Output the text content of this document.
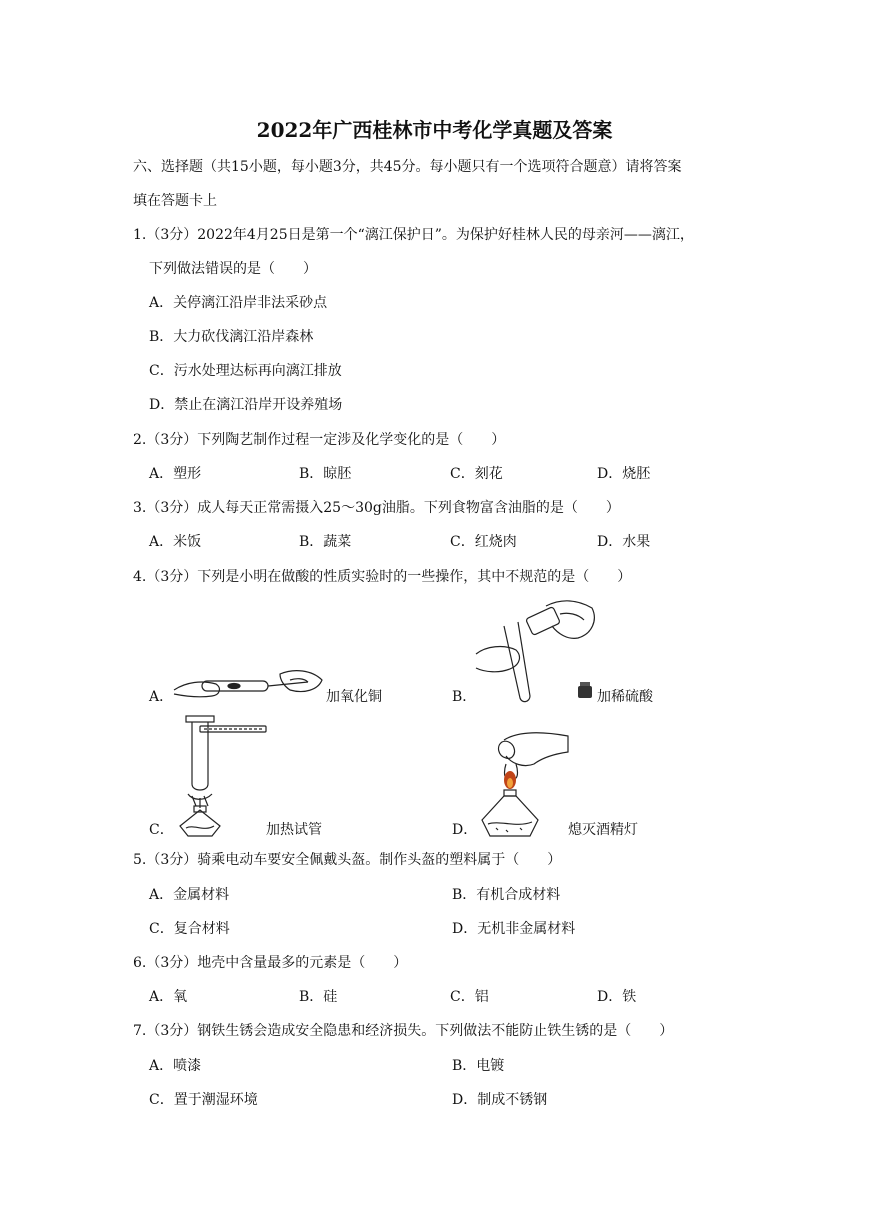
2022年广西桂林市中考化学真题及答案
六、选择题（共15小题，每小题3分，共45分。每小题只有一个选项符合题意）请将答案
填在答题卡上
1.（3分）2022年4月25日是第一个“漓江保护日”。为保护好桂林人民的母亲河——漓江，
下列做法错误的是（　　）
A．关停漓江沿岸非法采砂点
B．大力砍伐漓江沿岸森林
C．污水处理达标再向漓江排放
D．禁止在漓江沿岸开设养殖场
2.（3分）下列陶艺制作过程一定涉及化学变化的是（　　）
A．塑形	B．晾胚	C．刻花	D．烧胚
3.（3分）成人每天正常需摄入25～30g油脂。下列食物富含油脂的是（　　）
A．米饭	B．蔬菜	C．红烧肉	D．水果
4.（3分）下列是小明在做酸的性质实验时的一些操作，其中不规范的是（　　）
A．	加氧化铜	B．	加稀硫酸
C．	加热试管	D．	熄灭酒精灯
5.（3分）骑乘电动车要安全佩戴头盔。制作头盔的塑料属于（　　）
A．金属材料	B．有机合成材料
C．复合材料	D．无机非金属材料
6.（3分）地壳中含量最多的元素是（　　）
A．氧	B．硅	C．铝	D．铁
7.（3分）钢铁生锈会造成安全隐患和经济损失。下列做法不能防止铁生锈的是（　　）
A．喷漆	B．电镀
C．置于潮湿环境	D．制成不锈钢
